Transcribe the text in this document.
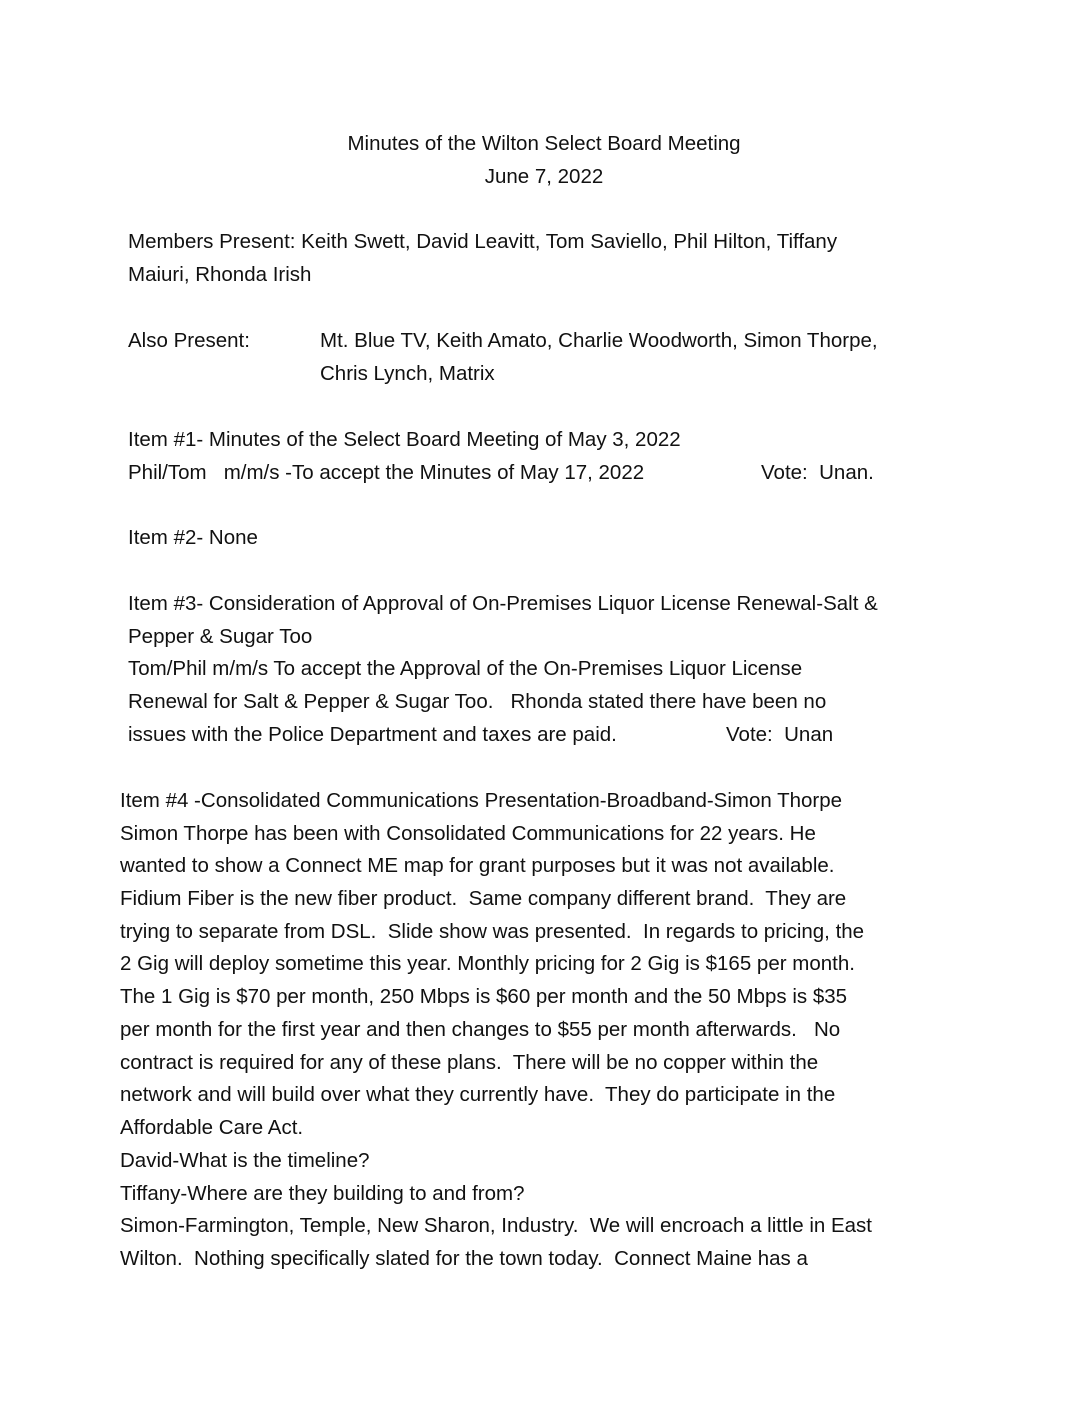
Minutes of the Wilton Select Board Meeting
June 7, 2022
Members Present: Keith Swett, David Leavitt, Tom Saviello, Phil Hilton, Tiffany
Maiuri, Rhonda Irish
Also Present:	Mt. Blue TV, Keith Amato, Charlie Woodworth, Simon Thorpe,
Chris Lynch, Matrix
Item #1- Minutes of the Select Board Meeting of May 3, 2022
Phil/Tom   m/m/s -To accept the Minutes of May 17, 2022	Vote:  Unan.
Item #2- None
Item #3- Consideration of Approval of On-Premises Liquor License Renewal-Salt &
Pepper & Sugar Too
Tom/Phil m/m/s To accept the Approval of the On-Premises Liquor License
Renewal for Salt & Pepper & Sugar Too.   Rhonda stated there have been no
issues with the Police Department and taxes are paid.	Vote:  Unan
Item #4 -Consolidated Communications Presentation-Broadband-Simon Thorpe
Simon Thorpe has been with Consolidated Communications for 22 years. He
wanted to show a Connect ME map for grant purposes but it was not available.
Fidium Fiber is the new fiber product.  Same company different brand.  They are
trying to separate from DSL.  Slide show was presented.  In regards to pricing, the
2 Gig will deploy sometime this year. Monthly pricing for 2 Gig is $165 per month.
The 1 Gig is $70 per month, 250 Mbps is $60 per month and the 50 Mbps is $35
per month for the first year and then changes to $55 per month afterwards.   No
contract is required for any of these plans.  There will be no copper within the
network and will build over what they currently have.  They do participate in the
Affordable Care Act.
David-What is the timeline?
Tiffany-Where are they building to and from?
Simon-Farmington, Temple, New Sharon, Industry.  We will encroach a little in East
Wilton.  Nothing specifically slated for the town today.  Connect Maine has a
